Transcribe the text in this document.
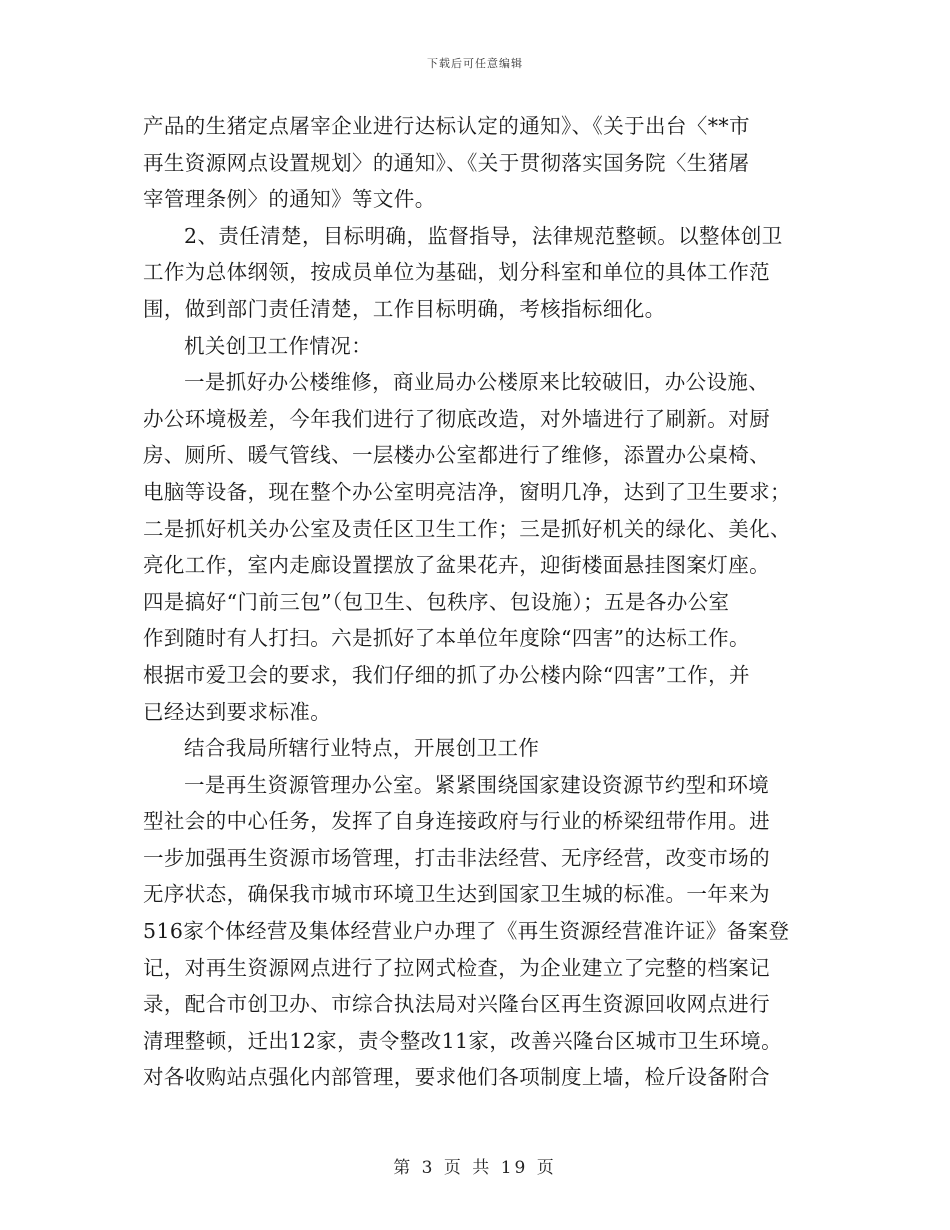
下载后可任意编辑
产品的生猪定点屠宰企业进行达标认定的通知》、《关于出台〈**市
再生资源网点设置规划〉的通知》、《关于贯彻落实国务院〈生猪屠
宰管理条例〉的通知》等文件。
2、责任清楚，目标明确，监督指导，法律规范整顿。以整体创卫
工作为总体纲领，按成员单位为基础，划分科室和单位的具体工作范
围，做到部门责任清楚，工作目标明确，考核指标细化。
机关创卫工作情况：
一是抓好办公楼维修，商业局办公楼原来比较破旧，办公设施、
办公环境极差，今年我们进行了彻底改造，对外墙进行了刷新。对厨
房、厕所、暖气管线、一层楼办公室都进行了维修，添置办公桌椅、
电脑等设备，现在整个办公室明亮洁净，窗明几净，达到了卫生要求；
二是抓好机关办公室及责任区卫生工作；三是抓好机关的绿化、美化、
亮化工作，室内走廊设置摆放了盆果花卉，迎街楼面悬挂图案灯座。
四是搞好“门前三包”（包卫生、包秩序、包设施）；五是各办公室
作到随时有人打扫。六是抓好了本单位年度除“四害”的达标工作。
根据市爱卫会的要求，我们仔细的抓了办公楼内除“四害”工作，并
已经达到要求标准。
结合我局所辖行业特点，开展创卫工作
一是再生资源管理办公室。紧紧围绕国家建设资源节约型和环境
型社会的中心任务，发挥了自身连接政府与行业的桥梁纽带作用。进
一步加强再生资源市场管理，打击非法经营、无序经营，改变市场的
无序状态，确保我市城市环境卫生达到国家卫生城的标准。一年来为
516家个体经营及集体经营业户办理了《再生资源经营准许证》备案登
记，对再生资源网点进行了拉网式检查，为企业建立了完整的档案记
录，配合市创卫办、市综合执法局对兴隆台区再生资源回收网点进行
清理整顿，迁出12家，责令整改11家，改善兴隆台区城市卫生环境。
对各收购站点强化内部管理，要求他们各项制度上墙，检斤设备附合
第 3 页 共 19 页
